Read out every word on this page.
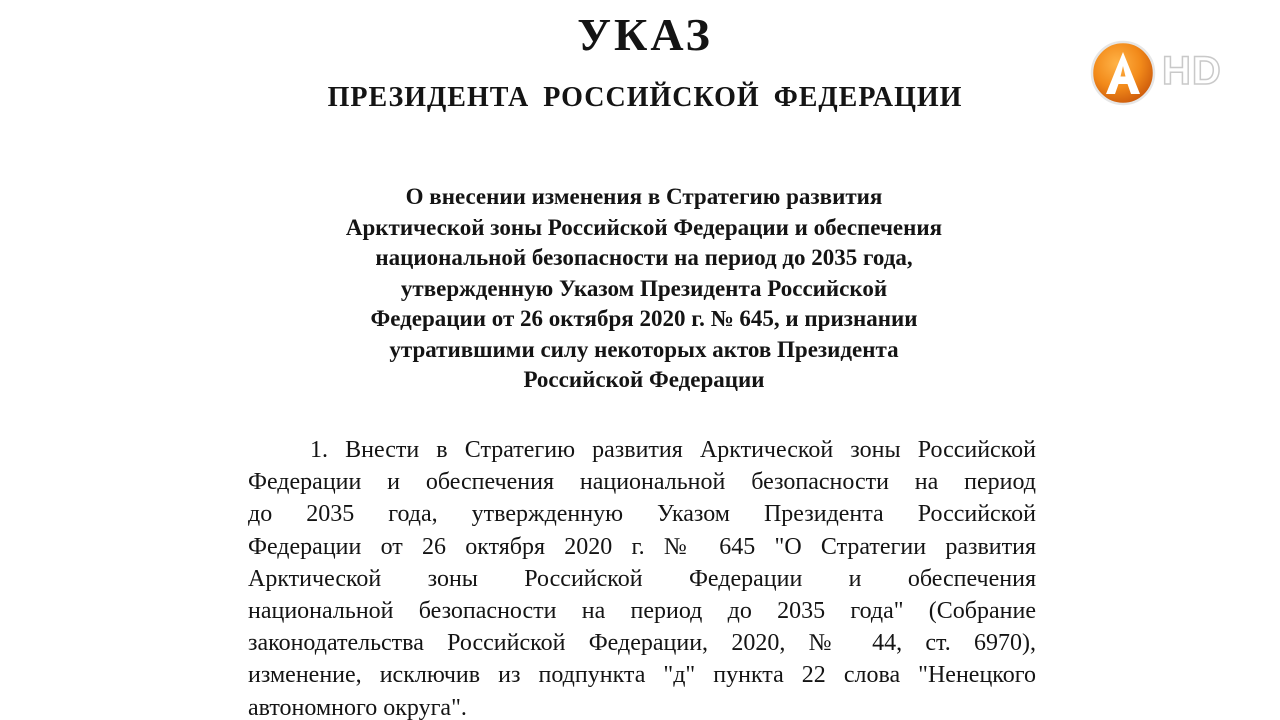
УКАЗ
ПРЕЗИДЕНТА РОССИЙСКОЙ ФЕДЕРАЦИИ
О внесении изменения в Стратегию развития
Арктической зоны Российской Федерации и обеспечения
национальной безопасности на период до 2035 года,
утвержденную Указом Президента Российской
Федерации от 26 октября 2020 г. № 645, и признании
утратившими силу некоторых актов Президента
Российской Федерации
1. Внести в Стратегию развития Арктической зоны Российской
Федерации и обеспечения национальной безопасности на период
до 2035 года, утвержденную Указом Президента Российской
Федерации от 26 октября 2020 г. № 645 "О Стратегии развития
Арктической зоны Российской Федерации и обеспечения
национальной безопасности на период до 2035 года" (Собрание
законодательства Российской Федерации, 2020, № 44, ст. 6970),
изменение, исключив из подпункта "д" пункта 22 слова "Ненецкого
автономного округа".
HD
